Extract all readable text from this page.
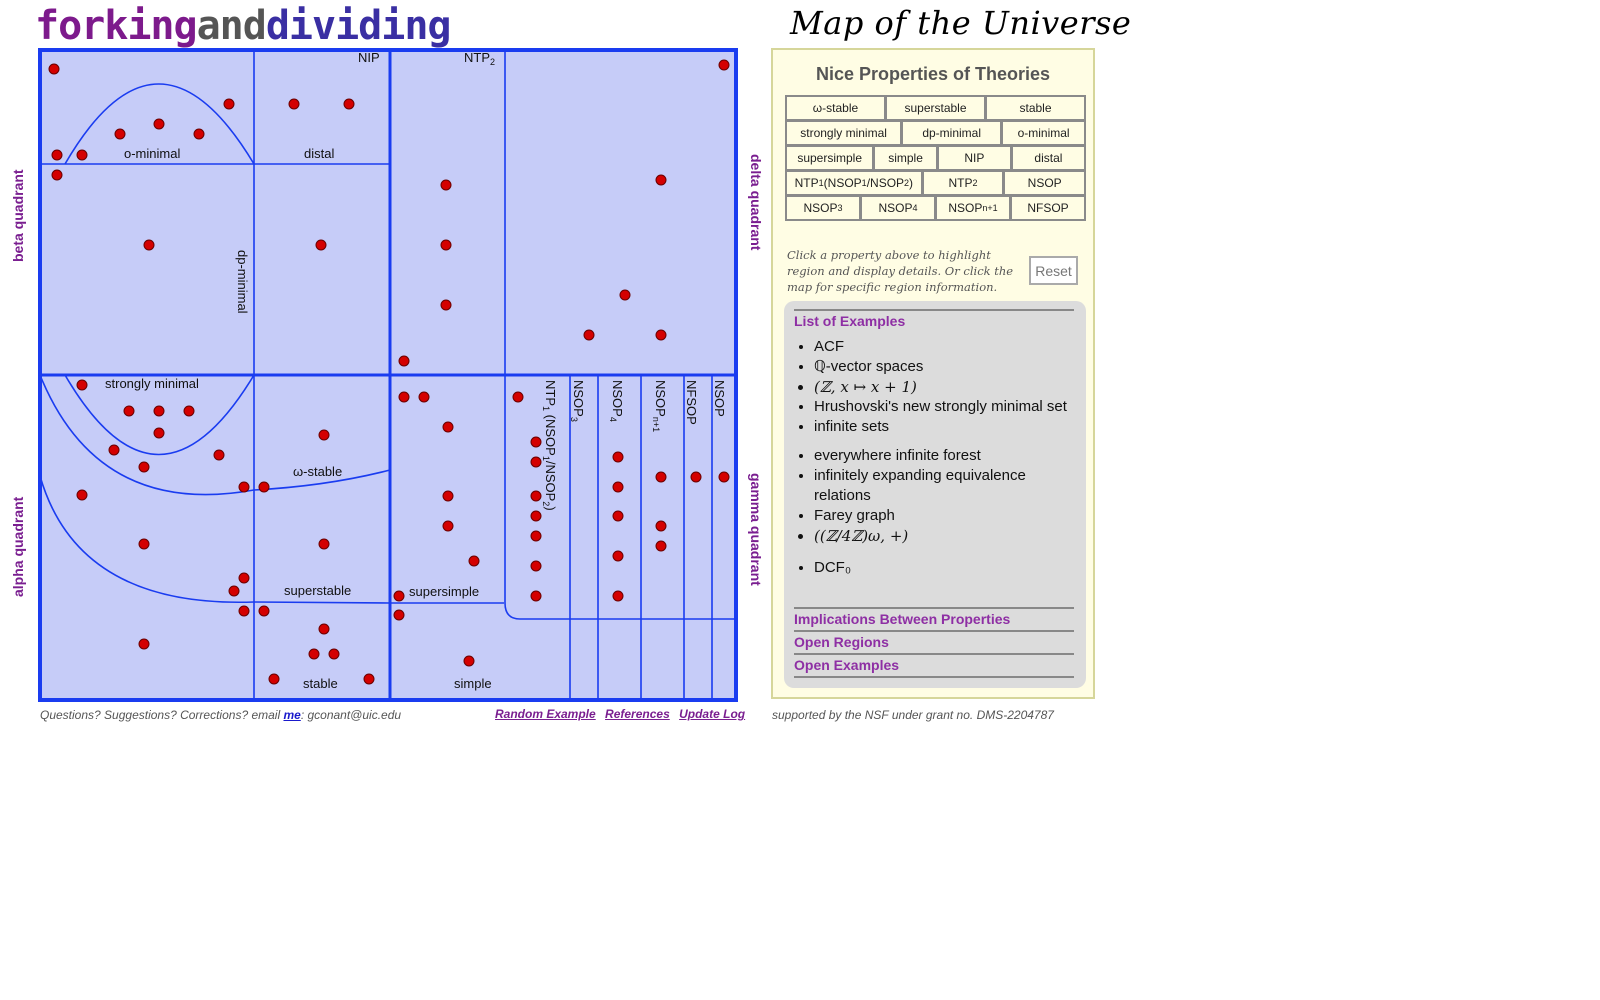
forkinganddividing	Map of the Universe
beta quadrant
alpha quadrant
delta quadrant
gamma quadrant
NIP	$NTP_2$
o-minimal	distal
dp-minimal
strongly minimal
ω-stable
superstable
stable
supersimple
simple
$NTP_1$ $(NSOP_1/NSOP_2)$
$NSOP_3$
$NSOP_4$
$NSOP_{n+1}$	NFSOP NSOP
Questions? Suggestions? Corrections? email me: gconant@uic.edu	Random Example References Update Log	supported by the NSF under grant no. DMS-2204787
Nice Properties of Theories
ω-stable	superstable	stable
strongly minimal	dp-minimal	o-minimal
supersimple	simple	NIP	distal
NTP 1 (NSOP 1 /NSOP 2 )	NTP 2	NSOP
NSOP 3	NSOP 4	NSOP n+1	NFSOP
Click a property above to highlight region and display details. Or click the map for specific region information.
Reset
List of Examples
• ACF
• ℚ-vector spaces
• (ℤ, x ↦ x + 1)
• Hrushovski's new strongly minimal set
• infinite sets
• everywhere infinite forest
• infinitely expanding equivalence relations
• Farey graph
• ((ℤ/4ℤ)ω, +)
• DCF₀
Implications Between Properties
Open Regions
Open Examples
